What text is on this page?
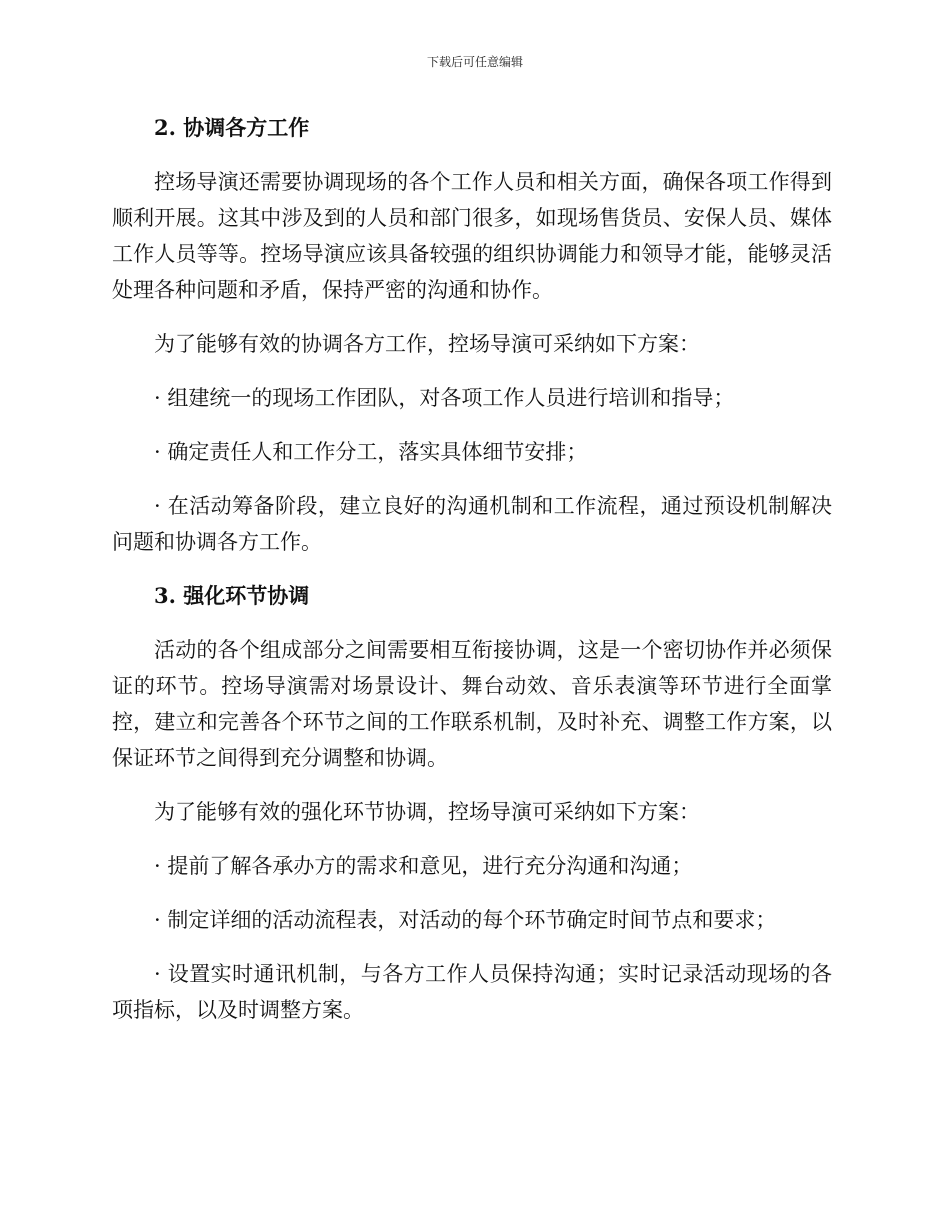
下载后可任意编辑
2. 协调各方工作

控场导演还需要协调现场的各个工作人员和相关方面，确保各项工作得到顺利开展。这其中涉及到的人员和部门很多，如现场售货员、安保人员、媒体工作人员等等。控场导演应该具备较强的组织协调能力和领导才能，能够灵活处理各种问题和矛盾，保持严密的沟通和协作。

为了能够有效的协调各方工作，控场导演可采纳如下方案：

· 组建统一的现场工作团队，对各项工作人员进行培训和指导；

· 确定责任人和工作分工，落实具体细节安排；

· 在活动筹备阶段，建立良好的沟通机制和工作流程，通过预设机制解决问题和协调各方工作。

3. 强化环节协调

活动的各个组成部分之间需要相互衔接协调，这是一个密切协作并必须保证的环节。控场导演需对场景设计、舞台动效、音乐表演等环节进行全面掌控，建立和完善各个环节之间的工作联系机制，及时补充、调整工作方案，以保证环节之间得到充分调整和协调。

为了能够有效的强化环节协调，控场导演可采纳如下方案：

· 提前了解各承办方的需求和意见，进行充分沟通和沟通；

· 制定详细的活动流程表，对活动的每个环节确定时间节点和要求；

· 设置实时通讯机制，与各方工作人员保持沟通；实时记录活动现场的各项指标，以及时调整方案。
